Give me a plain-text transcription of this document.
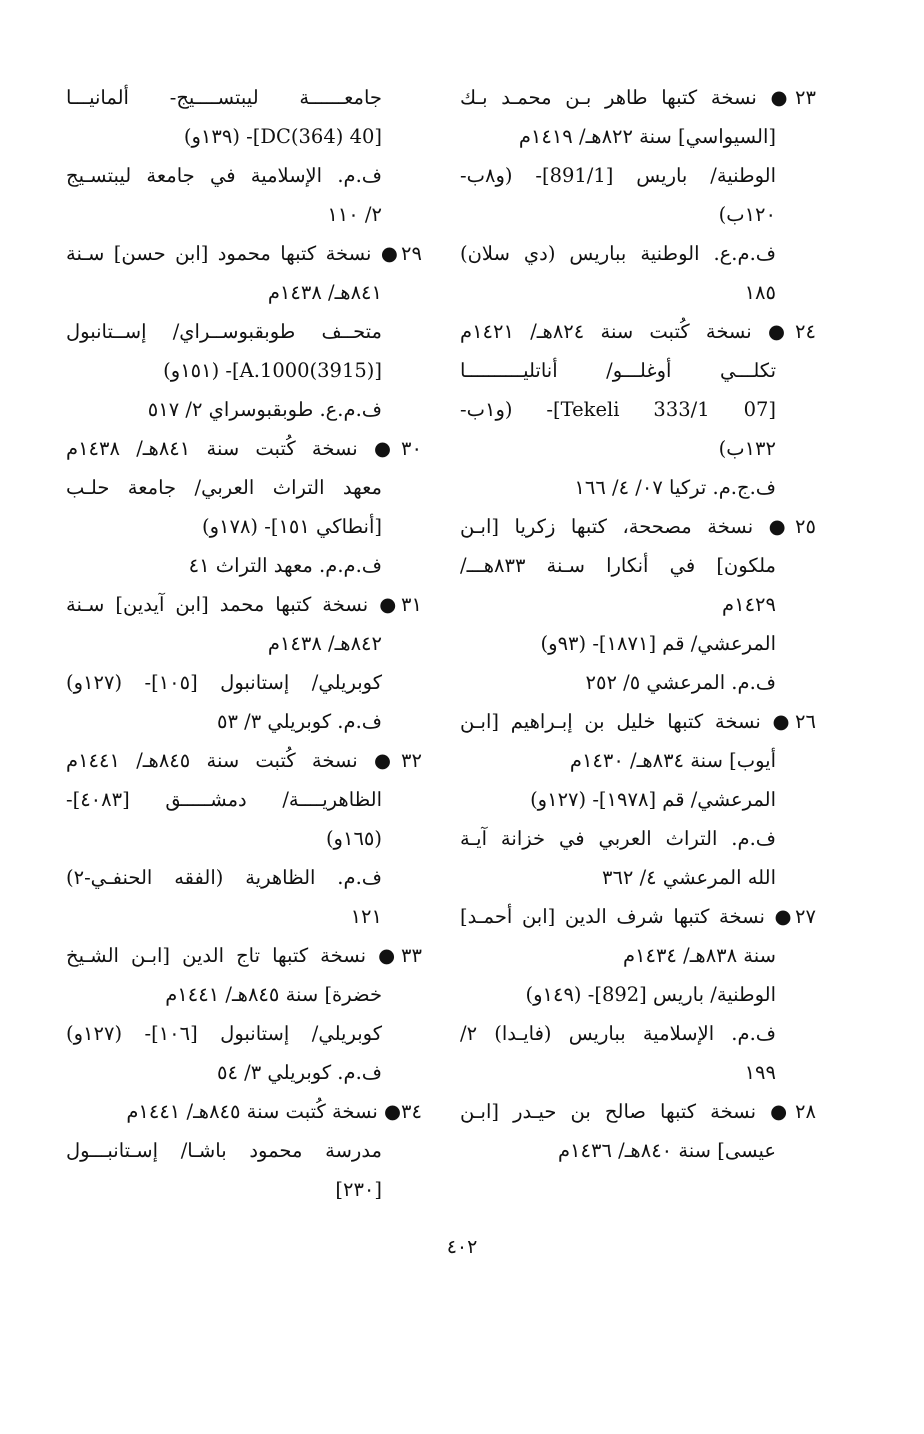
٢٣● نسخة كتبها طاهر بـن محمـد بـك
[السيواسي] سنة ٨٢٢هـ/ ١٤١٩م
الوطنية/ باريس [891/1]- (و٨ب-
١٢٠ب)
ف.م.ع. الوطنية بباريس (دي سلان)
١٨٥
٢٤● نسخة كُتبت سنة ٨٢٤هـ/ ١٤٢١م
تكلـــي أوغلـــو/ أناتليــــــــــا
[07 Tekeli 333/1]- (و١ب-
١٣٢ب)
ف.ج.م. تركيا ٠٧/ ٤/ ١٦٦
٢٥● نسخة مصححة، كتبها زكريا [ابـن
ملكون] في أنكارا سـنة ٨٣٣هـــ/
١٤٢٩م
المرعشي/ قم [١٨٧١]- (٩٣و)
ف.م. المرعشي ٥/ ٢٥٢
٢٦● نسخة كتبها خليل بن إبـراهيم [ابـن
أيوب] سنة ٨٣٤هـ/ ١٤٣٠م
المرعشي/ قم [١٩٧٨]- (١٢٧و)
ف.م. التراث العربي في خزانة آيـة
الله المرعشي ٤/ ٣٦٢
٢٧● نسخة كتبها شرف الدين [ابن أحمـد]
سنة ٨٣٨هـ/ ١٤٣٤م
الوطنية/ باريس [892]- (١٤٩و)
ف.م. الإسلامية بباريس (فايـدا) ٢/
١٩٩
٢٨● نسخة كتبها صالح بن حيـدر [ابـن
عيسى] سنة ٨٤٠هـ/ ١٤٣٦م
جامعــــــة ليبتســــيج- ألمانيـــا
[40 DC(364)]- (١٣٩و)
ف.م. الإسلامية في جامعة ليبتسـيج
٢/ ١١٠
٢٩● نسخة كتبها محمود [ابن حسن] سـنة
٨٤١هـ/ ١٤٣٨م
متحــف طوبقبوســراي/ إســتانبول
[A.1000(3915)]- (١٥١و)
ف.م.ع. طوبقبوسراي ٢/ ٥١٧
٣٠● نسخة كُتبت سنة ٨٤١هـ/ ١٤٣٨م
معهد التراث العربي/ جامعة حلـب
[أنطاكي ١٥١]- (١٧٨و)
ف.م.م. معهد التراث ٤١
٣١● نسخة كتبها محمد [ابن آيدين] سـنة
٨٤٢هـ/ ١٤٣٨م
كوبريلي/ إستانبول [١٠٥]- (١٢٧و)
ف.م. كوبريلي ٣/ ٥٣
٣٢● نسخة كُتبت سنة ٨٤٥هـ/ ١٤٤١م
الظاهريــــة/ دمشـــــق [٤٠٨٣]-
(١٦٥و)
ف.م. الظاهرية (الفقه الحنفـي-٢)
١٢١
٣٣● نسخة كتبها تاج الدين [ابـن الشـيخ
خضرة] سنة ٨٤٥هـ/ ١٤٤١م
كوبريلي/ إستانبول [١٠٦]- (١٢٧و)
ف.م. كوبريلي ٣/ ٥٤
٣٤● نسخة كُتبت سنة ٨٤٥هـ/ ١٤٤١م
مدرسة محمود باشـا/ إسـتانبـــول
[٢٣٠]
٤٠٢
